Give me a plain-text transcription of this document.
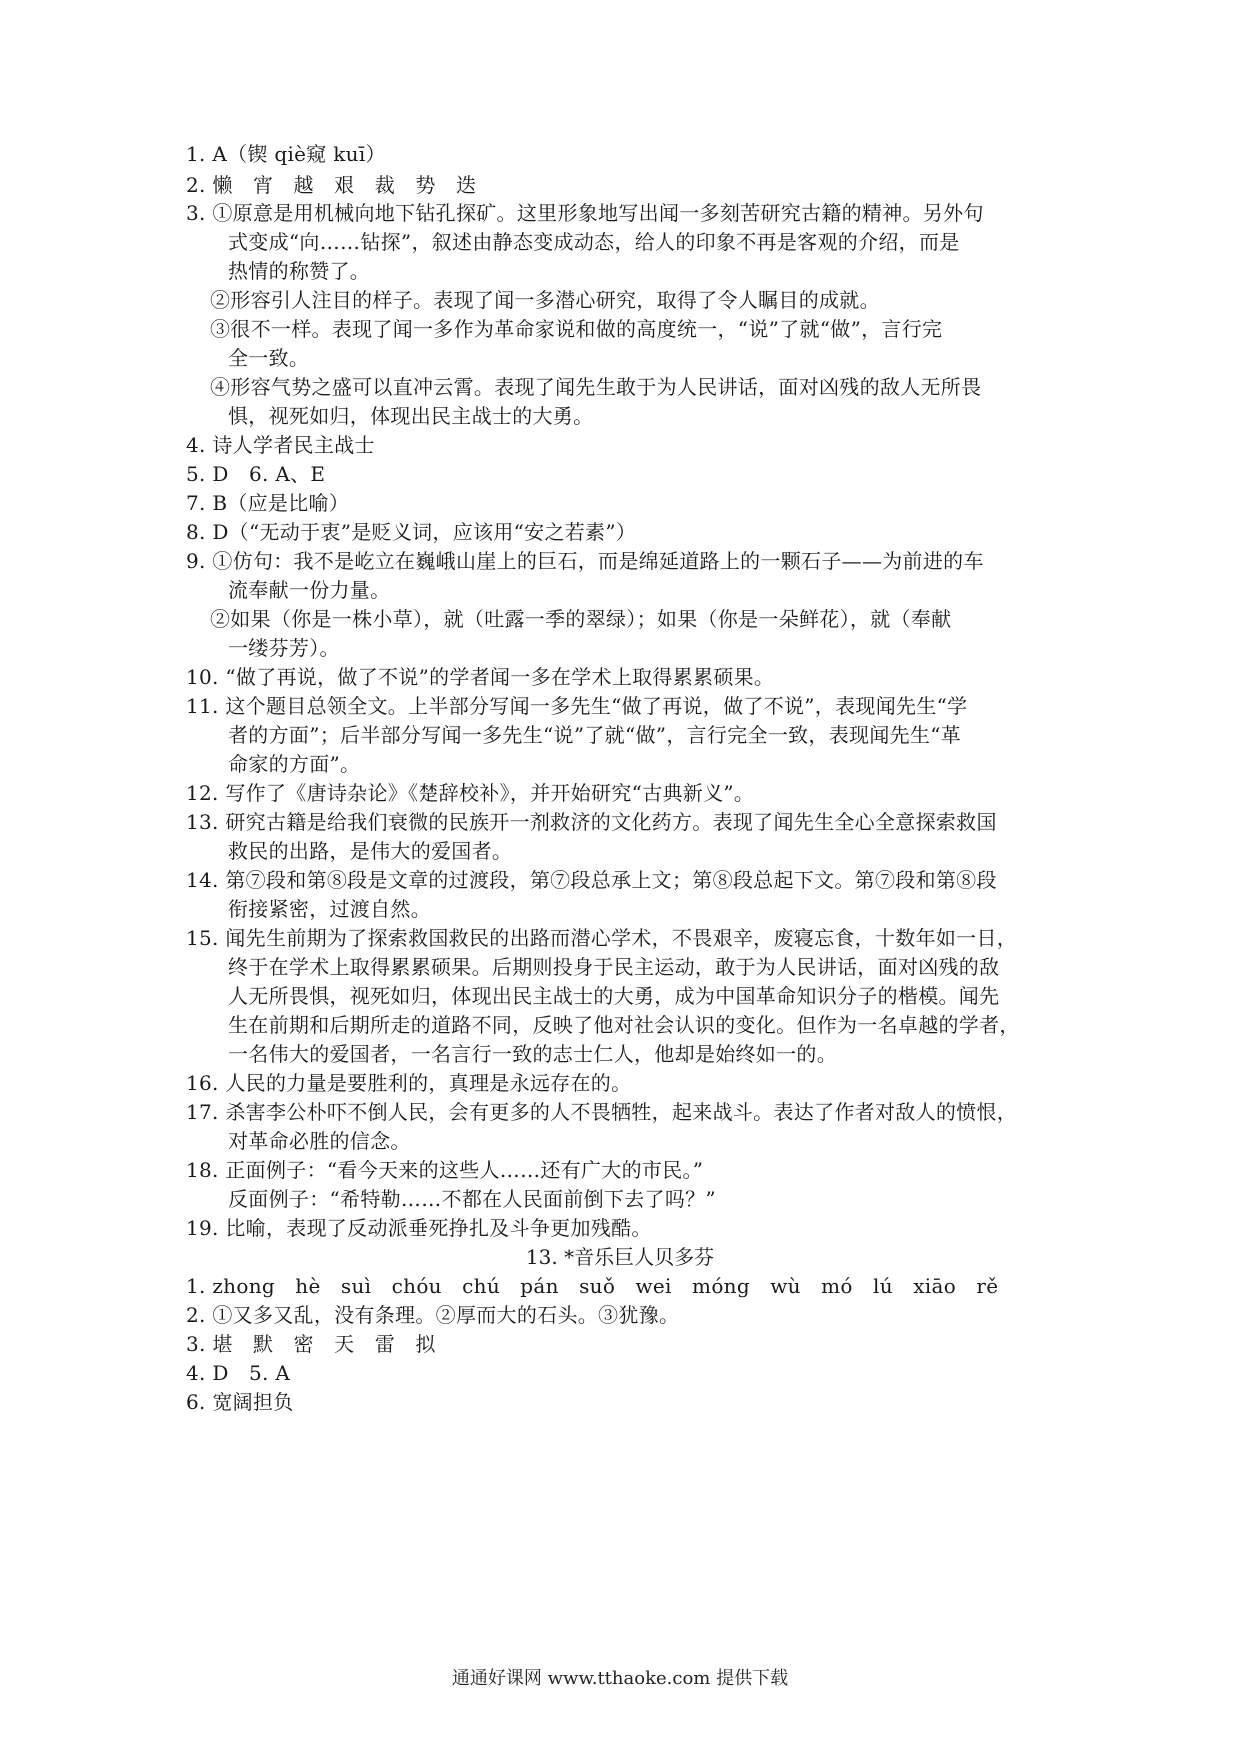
1. A（锲 qiè窥 kuī）
2. 懒　宵　越　艰　裁　势　迭
3. ①原意是用机械向地下钻孔探矿。这里形象地写出闻一多刻苦研究古籍的精神。另外句
式变成“向……钻探”，叙述由静态变成动态，给人的印象不再是客观的介绍，而是
热情的称赞了。
②形容引人注目的样子。表现了闻一多潜心研究，取得了令人瞩目的成就。
③很不一样。表现了闻一多作为革命家说和做的高度统一，“说”了就“做”，言行完
全一致。
④形容气势之盛可以直冲云霄。表现了闻先生敢于为人民讲话，面对凶残的敌人无所畏
惧，视死如归，体现出民主战士的大勇。
4. 诗人学者民主战士
5. D　6. A、E
7. B（应是比喻）
8. D（“无动于衷”是贬义词，应该用“安之若素”）
9. ①仿句：我不是屹立在巍峨山崖上的巨石，而是绵延道路上的一颗石子——为前进的车
流奉献一份力量。
②如果（你是一株小草），就（吐露一季的翠绿）；如果（你是一朵鲜花），就（奉献
一缕芬芳）。
10. “做了再说，做了不说”的学者闻一多在学术上取得累累硕果。
11. 这个题目总领全文。上半部分写闻一多先生“做了再说，做了不说”，表现闻先生“学
者的方面”；后半部分写闻一多先生“说”了就“做”，言行完全一致，表现闻先生“革
命家的方面”。
12. 写作了《唐诗杂论》《楚辞校补》，并开始研究“古典新义”。
13. 研究古籍是给我们衰微的民族开一剂救济的文化药方。表现了闻先生全心全意探索救国
救民的出路，是伟大的爱国者。
14. 第⑦段和第⑧段是文章的过渡段，第⑦段总承上文；第⑧段总起下文。第⑦段和第⑧段
衔接紧密，过渡自然。
15. 闻先生前期为了探索救国救民的出路而潜心学术，不畏艰辛，废寝忘食，十数年如一日，
终于在学术上取得累累硕果。后期则投身于民主运动，敢于为人民讲话，面对凶残的敌
人无所畏惧，视死如归，体现出民主战士的大勇，成为中国革命知识分子的楷模。闻先
生在前期和后期所走的道路不同，反映了他对社会认识的变化。但作为一名卓越的学者，
一名伟大的爱国者，一名言行一致的志士仁人，他却是始终如一的。
16. 人民的力量是要胜利的，真理是永远存在的。
17. 杀害李公朴吓不倒人民，会有更多的人不畏牺牲，起来战斗。表达了作者对敌人的愤恨，
对革命必胜的信念。
18. 正面例子：“看今天来的这些人……还有广大的市民。”
反面例子：“希特勒……不都在人民面前倒下去了吗？”
19. 比喻，表现了反动派垂死挣扎及斗争更加残酷。
13. *音乐巨人贝多芬
1. zhong　hè　suì　chóu　chú　pán　suǒ　wei　móng　wù　mó　lú　xiāo　rě
2. ①又多又乱，没有条理。②厚而大的石头。③犹豫。
3. 堪　默　密　天　雷　拟
4. D　5. A
6. 宽阔担负
通通好课网 www.tthaoke.com 提供下载
